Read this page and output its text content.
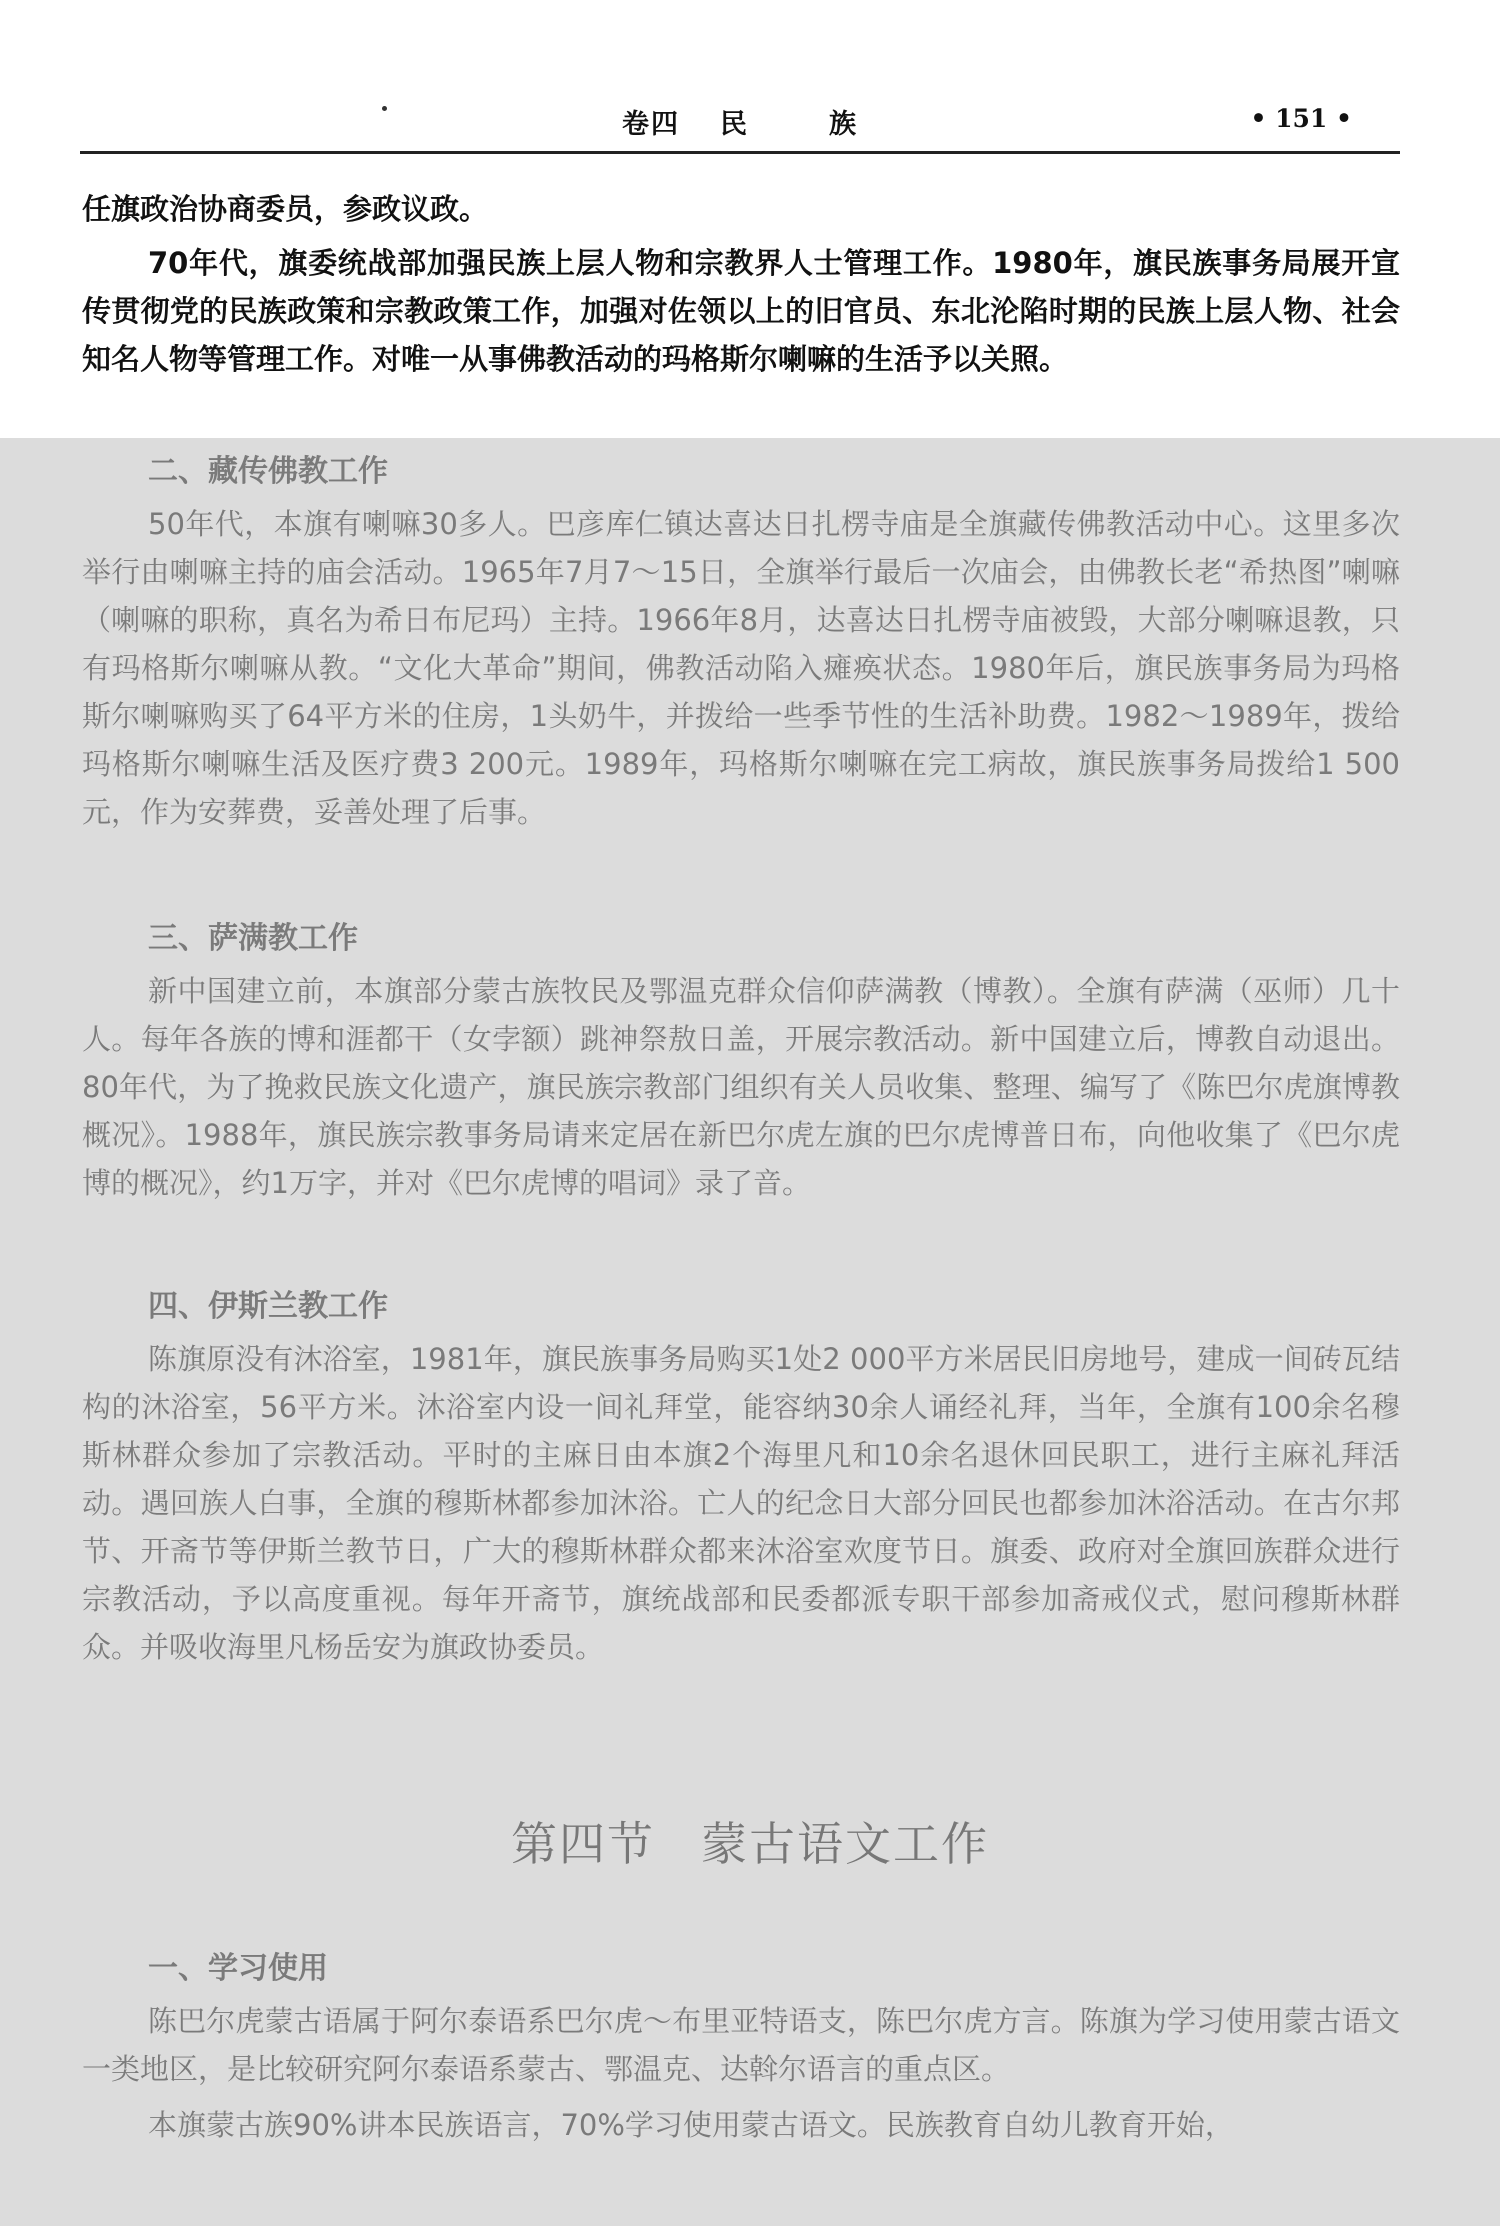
卷四 民	族	• 151 •

任旗政治协商委员，参政议政。

70年代，旗委统战部加强民族上层人物和宗教界人士管理工作。1980年，旗民族事务局展开宣传贯彻党的民族政策和宗教政策工作，加强对佐领以上的旧官员、东北沦陷时期的民族上层人物、社会知名人物等管理工作。对唯一从事佛教活动的玛格斯尔喇嘛的生活予以关照。

二、藏传佛教工作

50年代，本旗有喇嘛30多人。巴彦库仁镇达喜达日扎楞寺庙是全旗藏传佛教活动中心。这里多次举行由喇嘛主持的庙会活动。1965年7月7～15日，全旗举行最后一次庙会，由佛教长老“希热图”喇嘛（喇嘛的职称，真名为希日布尼玛）主持。1966年8月，达喜达日扎楞寺庙被毁，大部分喇嘛退教，只有玛格斯尔喇嘛从教。“文化大革命”期间，佛教活动陷入瘫痪状态。1980年后，旗民族事务局为玛格斯尔喇嘛购买了64平方米的住房，1头奶牛，并拨给一些季节性的生活补助费。1982～1989年，拨给玛格斯尔喇嘛生活及医疗费3 200元。1989年，玛格斯尔喇嘛在完工病故，旗民族事务局拨给1 500元，作为安葬费，妥善处理了后事。

三、萨满教工作

新中国建立前，本旗部分蒙古族牧民及鄂温克群众信仰萨满教（博教）。全旗有萨满（巫师）几十人。每年各族的博和涯都干（女孛额）跳神祭敖日盖，开展宗教活动。新中国建立后，博教自动退出。80年代，为了挽救民族文化遗产，旗民族宗教部门组织有关人员收集、整理、编写了《陈巴尔虎旗博教概况》。1988年，旗民族宗教事务局请来定居在新巴尔虎左旗的巴尔虎博普日布，向他收集了《巴尔虎博的概况》，约1万字，并对《巴尔虎博的唱词》录了音。

四、伊斯兰教工作

陈旗原没有沐浴室，1981年，旗民族事务局购买1处2 000平方米居民旧房地号，建成一间砖瓦结构的沐浴室，56平方米。沐浴室内设一间礼拜堂，能容纳30余人诵经礼拜，当年，全旗有100余名穆斯林群众参加了宗教活动。平时的主麻日由本旗2个海里凡和10余名退休回民职工，进行主麻礼拜活动。遇回族人白事，全旗的穆斯林都参加沐浴。亡人的纪念日大部分回民也都参加沐浴活动。在古尔邦节、开斋节等伊斯兰教节日，广大的穆斯林群众都来沐浴室欢度节日。旗委、政府对全旗回族群众进行宗教活动，予以高度重视。每年开斋节，旗统战部和民委都派专职干部参加斋戒仪式，慰问穆斯林群众。并吸收海里凡杨岳安为旗政协委员。

第四节 蒙古语文工作
一、学习使用

陈巴尔虎蒙古语属于阿尔泰语系巴尔虎～布里亚特语支，陈巴尔虎方言。陈旗为学习使用蒙古语文一类地区，是比较研究阿尔泰语系蒙古、鄂温克、达斡尔语言的重点区。

本旗蒙古族90%讲本民族语言，70%学习使用蒙古语文。民族教育自幼儿教育开始，
